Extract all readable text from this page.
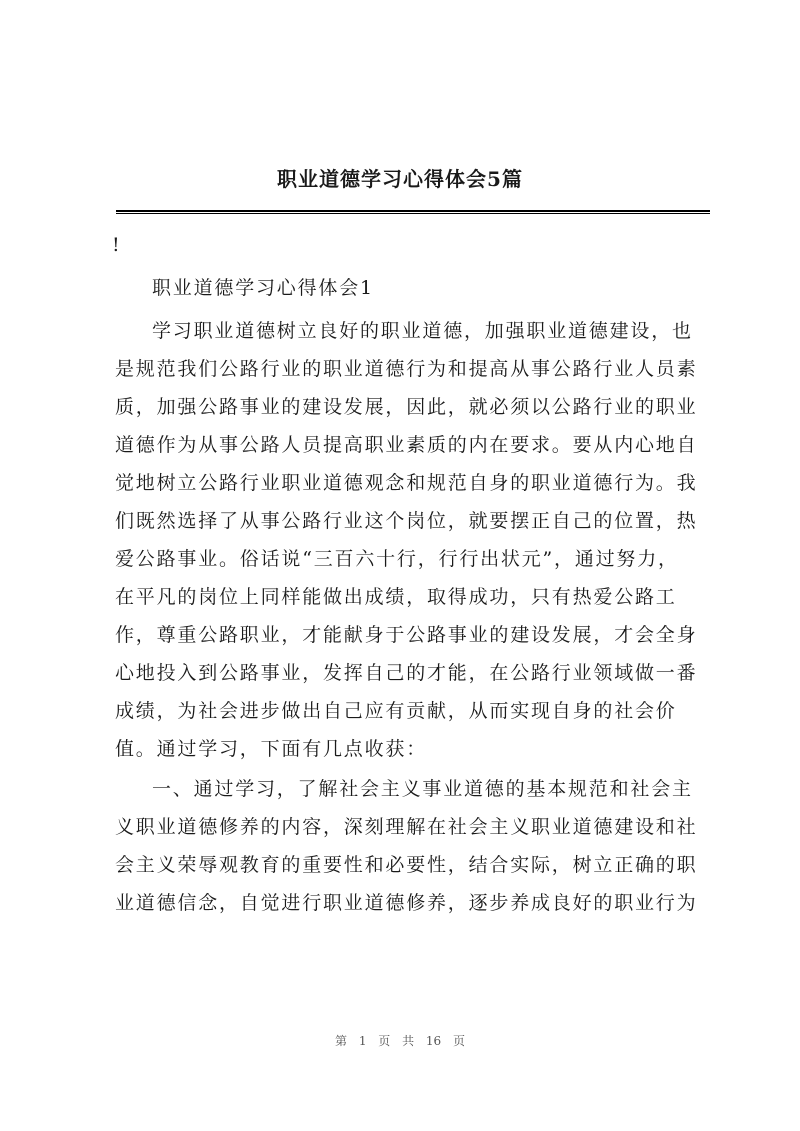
职业道德学习心得体会5篇
!
职业道德学习心得体会1
学习职业道德树立良好的职业道德，加强职业道德建设，也
是规范我们公路行业的职业道德行为和提高从事公路行业人员素
质，加强公路事业的建设发展，因此，就必须以公路行业的职业
道德作为从事公路人员提高职业素质的内在要求。要从内心地自
觉地树立公路行业职业道德观念和规范自身的职业道德行为。我
们既然选择了从事公路行业这个岗位，就要摆正自己的位置，热
爱公路事业。俗话说“三百六十行，行行出状元”，通过努力，
在平凡的岗位上同样能做出成绩，取得成功，只有热爱公路工
作，尊重公路职业，才能献身于公路事业的建设发展，才会全身
心地投入到公路事业，发挥自己的才能，在公路行业领域做一番
成绩，为社会进步做出自己应有贡献，从而实现自身的社会价
值。通过学习，下面有几点收获：
一、通过学习，了解社会主义事业道德的基本规范和社会主
义职业道德修养的内容，深刻理解在社会主义职业道德建设和社
会主义荣辱观教育的重要性和必要性，结合实际，树立正确的职
业道德信念，自觉进行职业道德修养，逐步养成良好的职业行为
第 1 页 共 16 页
